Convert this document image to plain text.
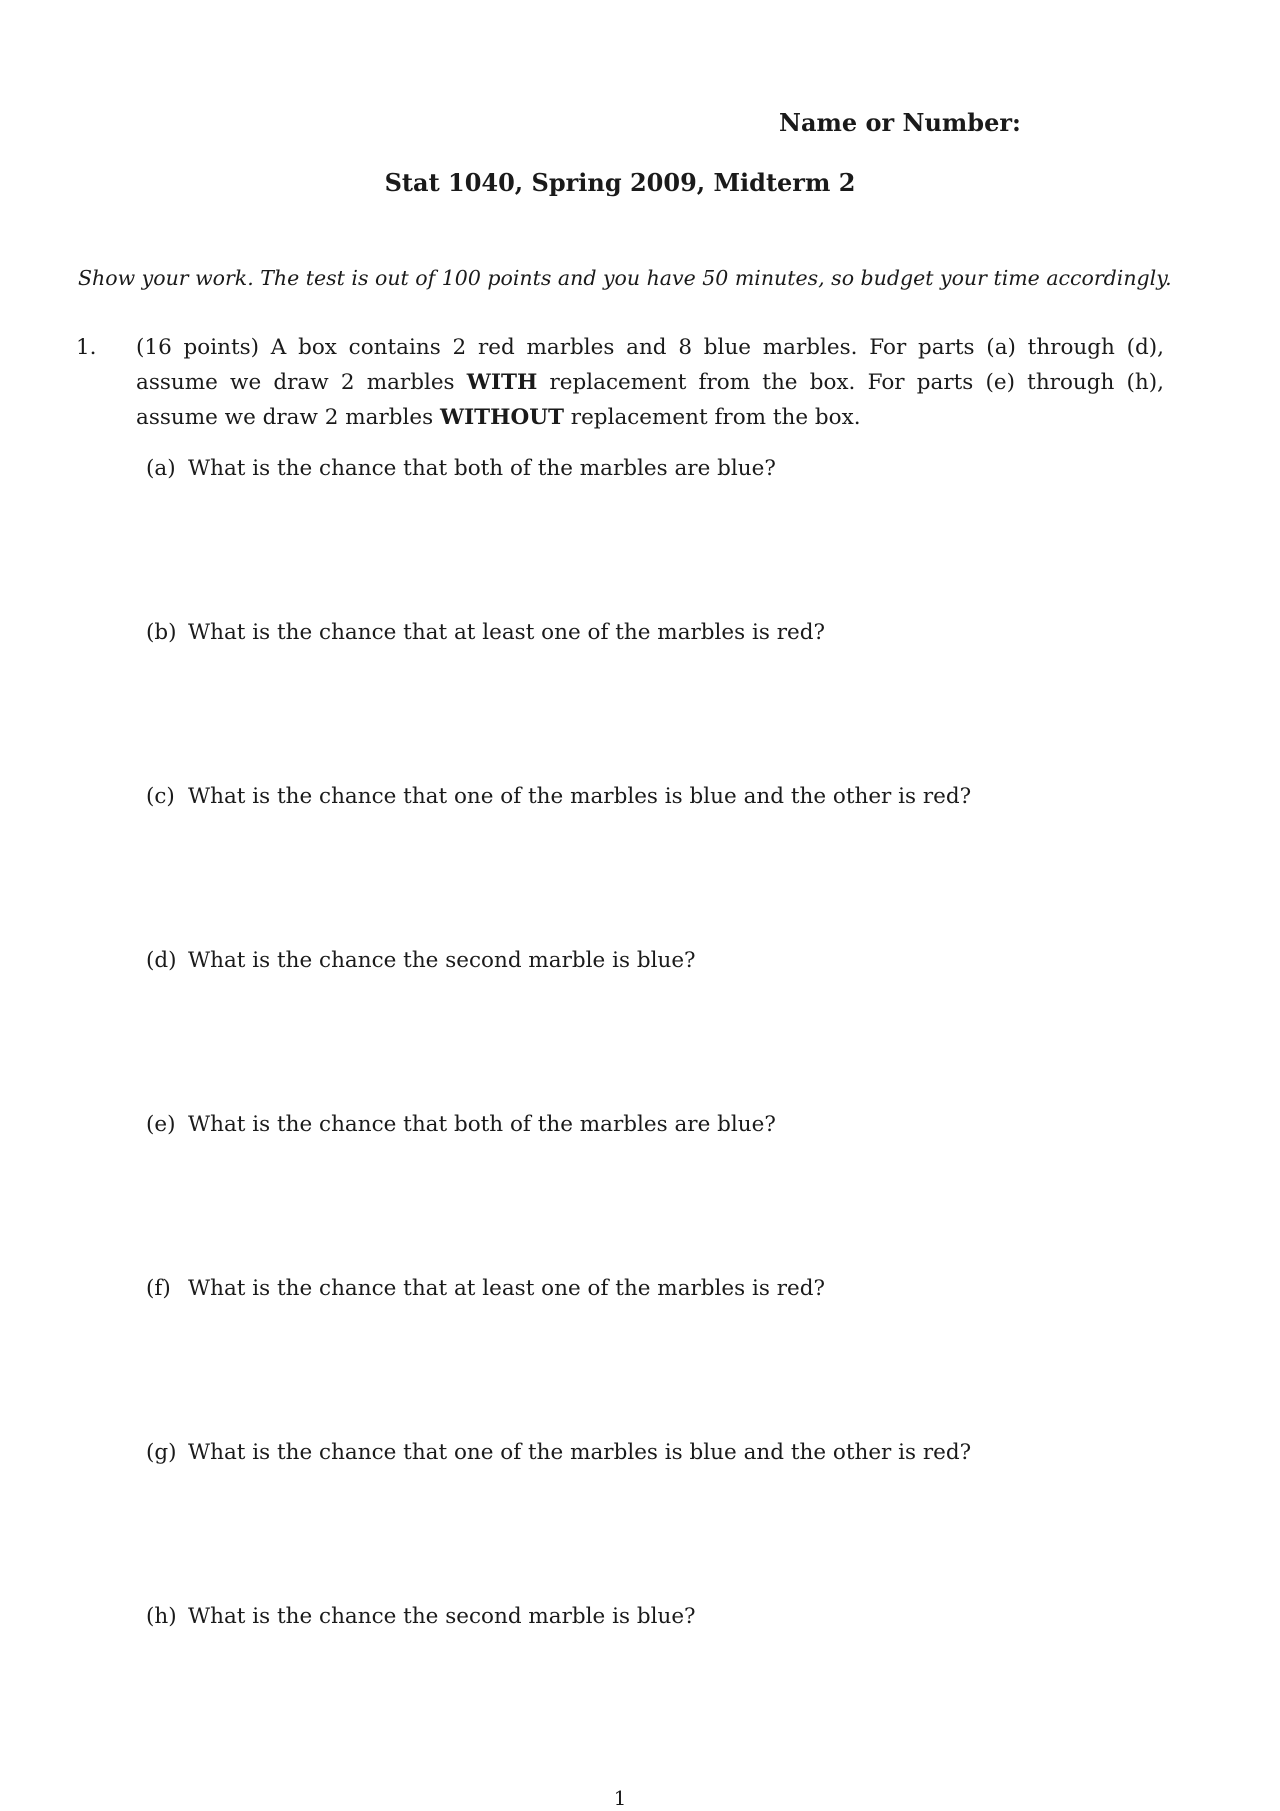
Name or Number:
Stat 1040, Spring 2009, Midterm 2
Show your work. The test is out of 100 points and you have 50 minutes, so budget your time accordingly.
1. (16 points) A box contains 2 red marbles and 8 blue marbles. For parts (a) through (d), assume we draw 2 marbles WITH replacement from the box. For parts (e) through (h), assume we draw 2 marbles WITHOUT replacement from the box.
(a) What is the chance that both of the marbles are blue?
(b) What is the chance that at least one of the marbles is red?
(c) What is the chance that one of the marbles is blue and the other is red?
(d) What is the chance the second marble is blue?
(e) What is the chance that both of the marbles are blue?
(f) What is the chance that at least one of the marbles is red?
(g) What is the chance that one of the marbles is blue and the other is red?
(h) What is the chance the second marble is blue?
1
